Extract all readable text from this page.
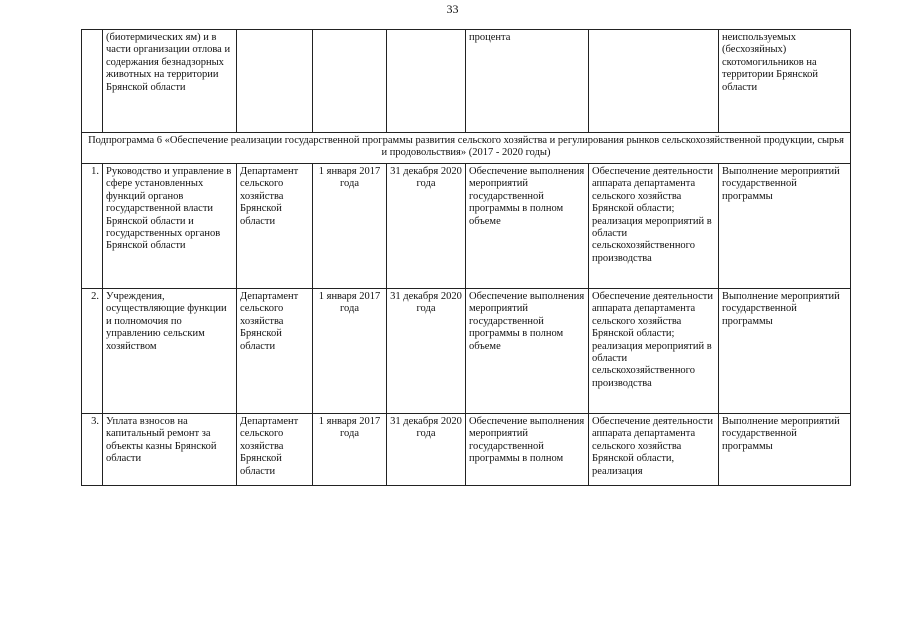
33
	(биотермических ям) и в части организации отлова и содержания безнадзорных животных на территории Брянской области				процента		неиспользуемых (бесхозяйных) скотомогильников на территории Брянской области
Подпрограмма 6 «Обеспечение реализации государственной программы развития сельского хозяйства и регулирования рынков сельскохозяйственной продукции, сырья и продовольствия» (2017 - 2020 годы)							
1.	Руководство и управление в сфере установленных функций органов государственной власти Брянской области и государственных органов Брянской области	Департамент сельского хозяйства Брянской области	1 января 2017 года	31 декабря 2020 года	Обеспечение выполнения мероприятий государственной программы в полном объеме	Обеспечение деятельности аппарата департамента сельского хозяйства Брянской области;
реализация мероприятий в области сельскохозяйственного производства	Выполнение мероприятий государственной программы
2.	Учреждения, осуществляющие функции и полномочия по управлению сельским хозяйством	Департамент сельского хозяйства Брянской области	1 января 2017 года	31 декабря 2020 года	Обеспечение выполнения мероприятий государственной программы в полном объеме	Обеспечение деятельности аппарата департамента сельского хозяйства Брянской области;
реализация мероприятий в области сельскохозяйственного производства	Выполнение мероприятий государственной программы
3.	Уплата взносов на капитальный ремонт за объекты казны Брянской области	Департамент сельского хозяйства Брянской области	1 января 2017 года	31 декабря 2020 года	Обеспечение выполнения мероприятий государственной программы в полном	Обеспечение деятельности аппарата департамента сельского хозяйства Брянской области, реализация	Выполнение мероприятий государственной программы
